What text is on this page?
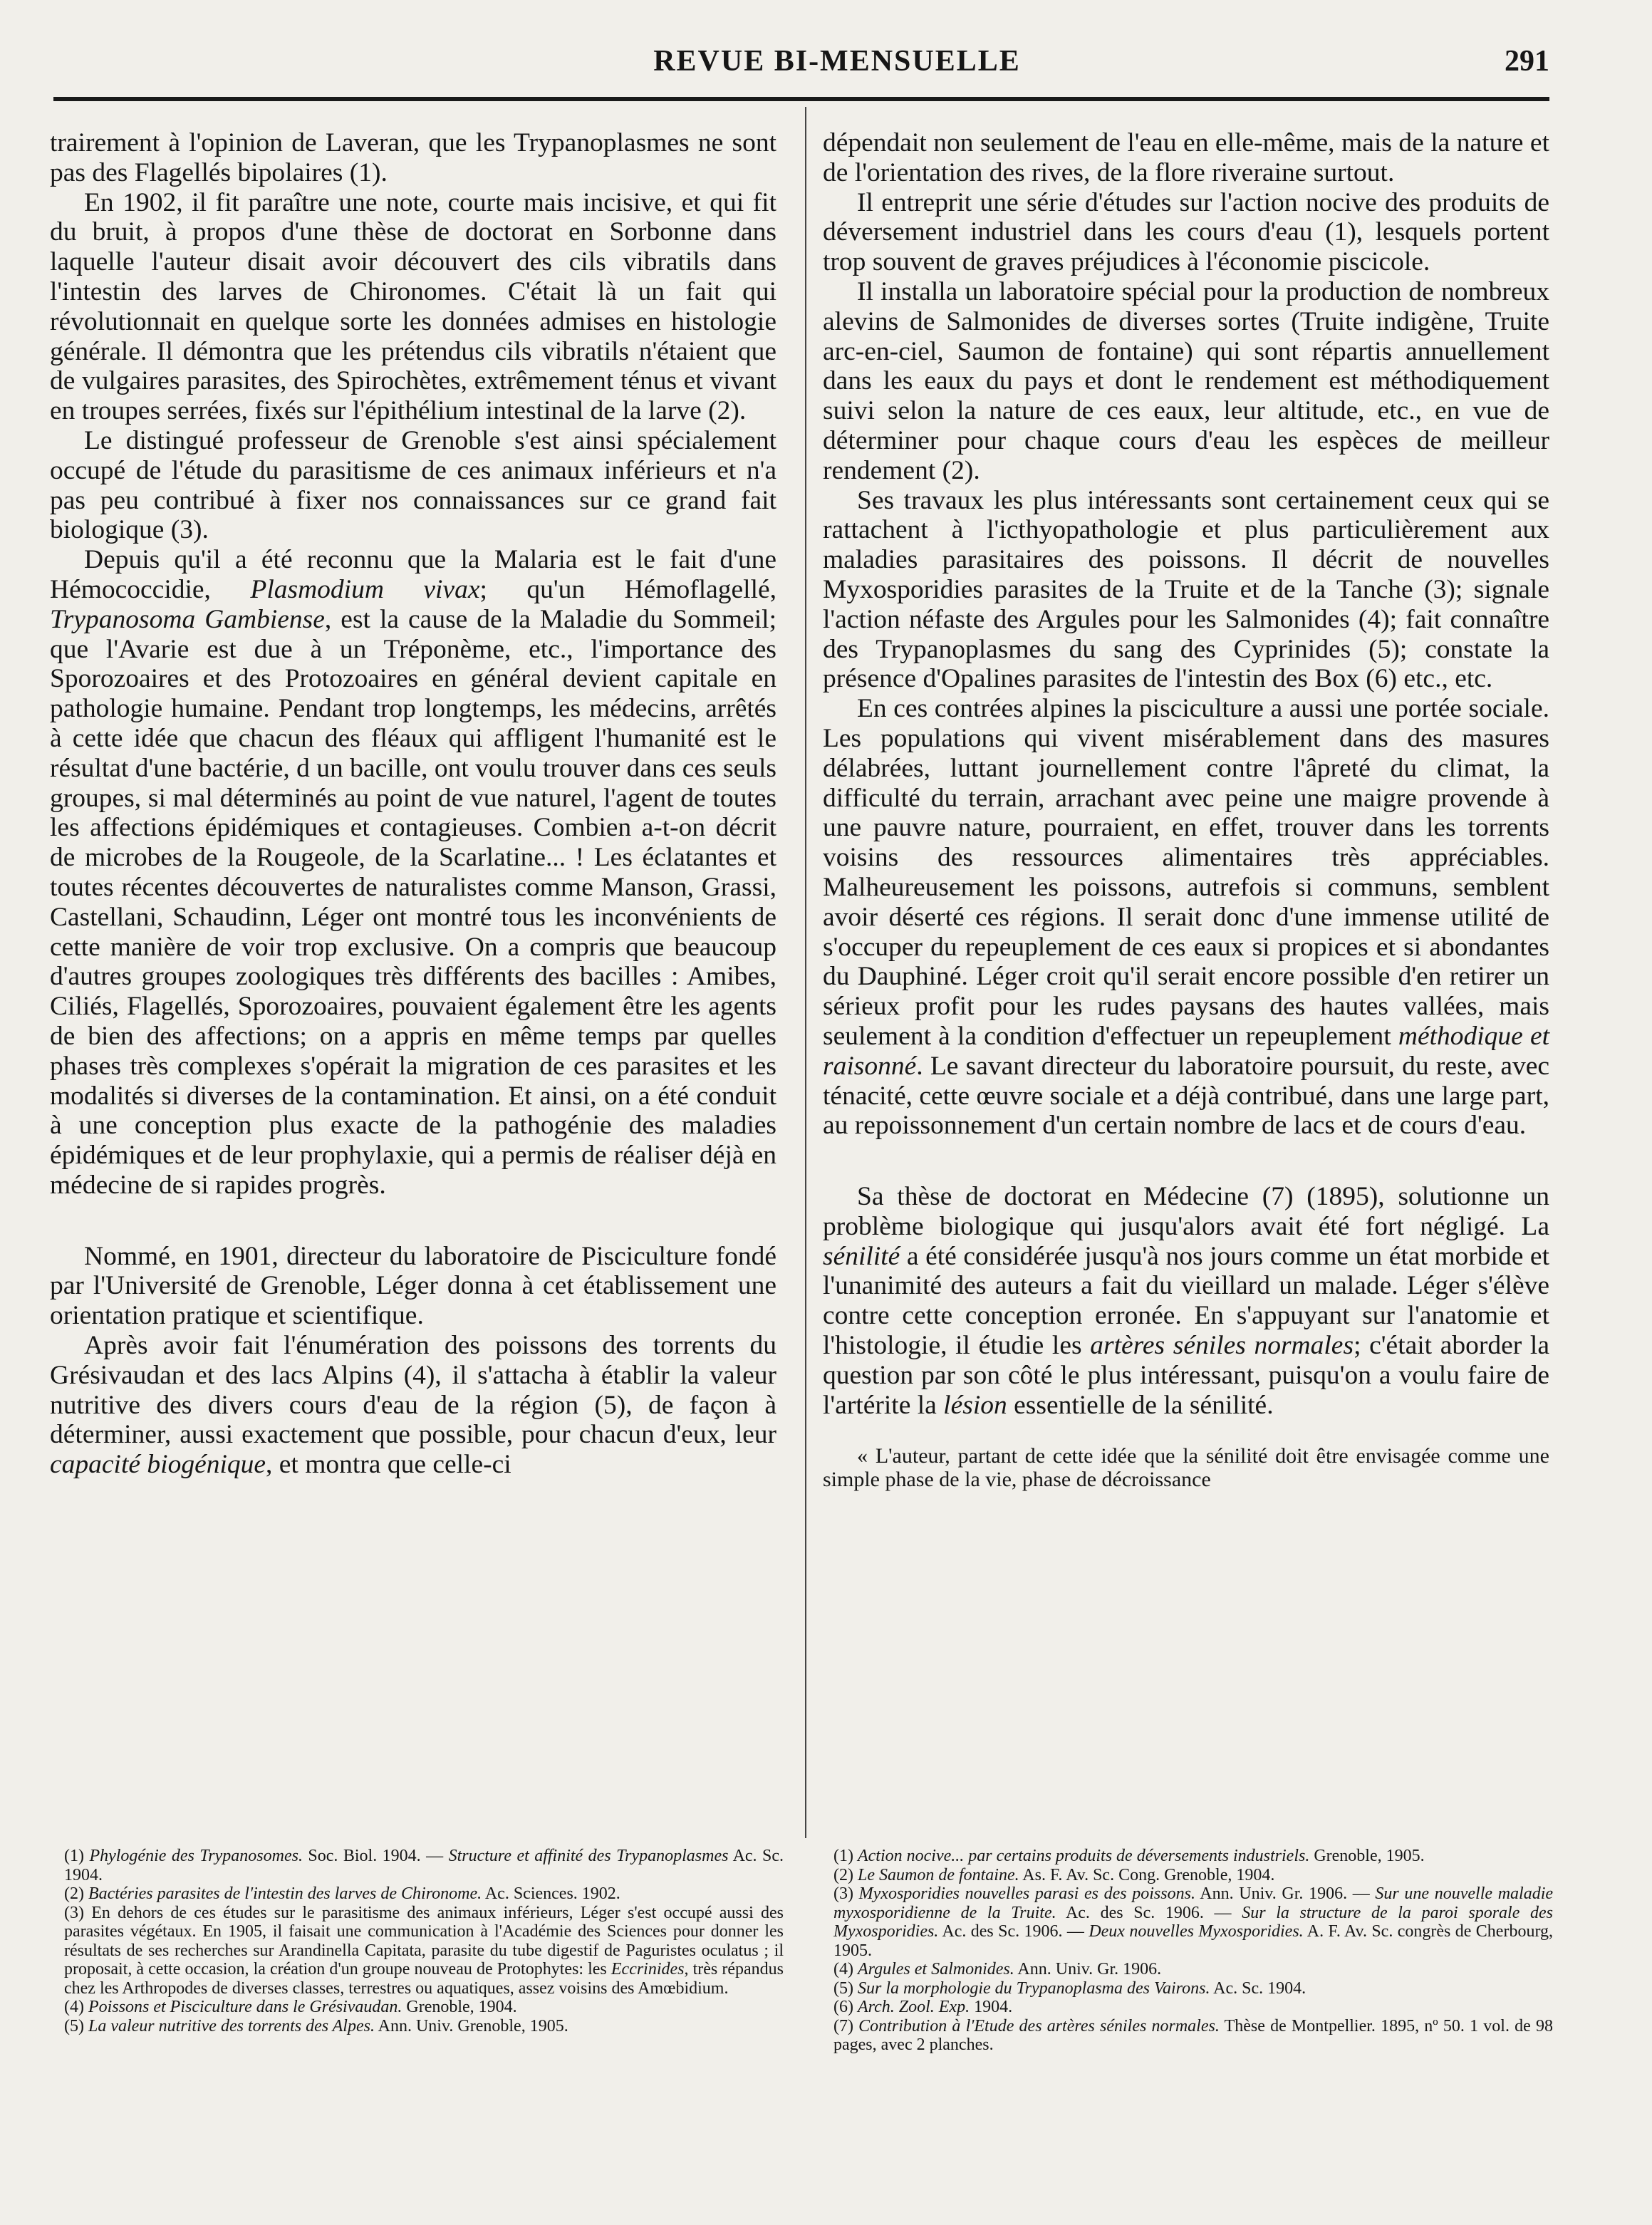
REVUE BI-MENSUELLE	291

trairement à l'opinion de Laveran, que les Trypanoplasmes ne sont pas des Flagellés bipolaires (1).

En 1902, il fit paraître une note, courte mais incisive, et qui fit du bruit, à propos d'une thèse de doctorat en Sorbonne dans laquelle l'auteur disait avoir découvert des cils vibratils dans l'intestin des larves de Chironomes. C'était là un fait qui révolutionnait en quelque sorte les données admises en histologie générale. Il démontra que les prétendus cils vibratils n'étaient que de vulgaires parasites, des Spirochètes, extrêmement ténus et vivant en troupes serrées, fixés sur l'épithélium intestinal de la larve (2).

Le distingué professeur de Grenoble s'est ainsi spécialement occupé de l'étude du parasitisme de ces animaux inférieurs et n'a pas peu contribué à fixer nos connaissances sur ce grand fait biologique (3).

Depuis qu'il a été reconnu que la Malaria est le fait d'une Hémococcidie, Plasmodium vivax; qu'un Hémoflagellé, Trypanosoma Gambiense, est la cause de la Maladie du Sommeil; que l'Avarie est due à un Tréponème, etc., l'importance des Sporozoaires et des Protozoaires en général devient capitale en pathologie humaine. Pendant trop longtemps, les médecins, arrêtés à cette idée que chacun des fléaux qui affligent l'humanité est le résultat d'une bactérie, d un bacille, ont voulu trouver dans ces seuls groupes, si mal déterminés au point de vue naturel, l'agent de toutes les affections épidémiques et contagieuses. Combien a-t-on décrit de microbes de la Rougeole, de la Scarlatine... ! Les éclatantes et toutes récentes découvertes de naturalistes comme Manson, Grassi, Castellani, Schaudinn, Léger ont montré tous les inconvénients de cette manière de voir trop exclusive. On a compris que beaucoup d'autres groupes zoologiques très différents des bacilles : Amibes, Ciliés, Flagellés, Sporozoaires, pouvaient également être les agents de bien des affections; on a appris en même temps par quelles phases très complexes s'opérait la migration de ces parasites et les modalités si diverses de la contamination. Et ainsi, on a été conduit à une conception plus exacte de la pathogénie des maladies épidémiques et de leur prophylaxie, qui a permis de réaliser déjà en médecine de si rapides progrès.

Nommé, en 1901, directeur du laboratoire de Pisciculture fondé par l'Université de Grenoble, Léger donna à cet établissement une orientation pratique et scientifique.

Après avoir fait l'énumération des poissons des torrents du Grésivaudan et des lacs Alpins (4), il s'attacha à établir la valeur nutritive des divers cours d'eau de la région (5), de façon à déterminer, aussi exactement que possible, pour chacun d'eux, leur capacité biogénique, et montra que celle-ci

dépendait non seulement de l'eau en elle-même, mais de la nature et de l'orientation des rives, de la flore riveraine surtout.

Il entreprit une série d'études sur l'action nocive des produits de déversement industriel dans les cours d'eau (1), lesquels portent trop souvent de graves préjudices à l'économie piscicole.

Il installa un laboratoire spécial pour la production de nombreux alevins de Salmonides de diverses sortes (Truite indigène, Truite arc-en-ciel, Saumon de fontaine) qui sont répartis annuellement dans les eaux du pays et dont le rendement est méthodiquement suivi selon la nature de ces eaux, leur altitude, etc., en vue de déterminer pour chaque cours d'eau les espèces de meilleur rendement (2).

Ses travaux les plus intéressants sont certainement ceux qui se rattachent à l'icthyopathologie et plus particulièrement aux maladies parasitaires des poissons. Il décrit de nouvelles Myxosporidies parasites de la Truite et de la Tanche (3); signale l'action néfaste des Argules pour les Salmonides (4); fait connaître des Trypanoplasmes du sang des Cyprinides (5); constate la présence d'Opalines parasites de l'intestin des Box (6) etc., etc.

En ces contrées alpines la pisciculture a aussi une portée sociale. Les populations qui vivent misérablement dans des masures délabrées, luttant journellement contre l'âpreté du climat, la difficulté du terrain, arrachant avec peine une maigre provende à une pauvre nature, pourraient, en effet, trouver dans les torrents voisins des ressources alimentaires très appréciables. Malheureusement les poissons, autrefois si communs, semblent avoir déserté ces régions. Il serait donc d'une immense utilité de s'occuper du repeuplement de ces eaux si propices et si abondantes du Dauphiné. Léger croit qu'il serait encore possible d'en retirer un sérieux profit pour les rudes paysans des hautes vallées, mais seulement à la condition d'effectuer un repeuplement méthodique et raisonné. Le savant directeur du laboratoire poursuit, du reste, avec ténacité, cette œuvre sociale et a déjà contribué, dans une large part, au repoissonnement d'un certain nombre de lacs et de cours d'eau.

Sa thèse de doctorat en Médecine (7) (1895), solutionne un problème biologique qui jusqu'alors avait été fort négligé. La sénilité a été considérée jusqu'à nos jours comme un état morbide et l'unanimité des auteurs a fait du vieillard un malade. Léger s'élève contre cette conception erronée. En s'appuyant sur l'anatomie et l'histologie, il étudie les artères séniles normales; c'était aborder la question par son côté le plus intéressant, puisqu'on a voulu faire de l'artérite la lésion essentielle de la sénilité.

« L'auteur, partant de cette idée que la sénilité doit être envisagée comme une simple phase de la vie, phase de décroissance

(1) Phylogénie des Trypanosomes. Soc. Biol. 1904. — Structure et affinité des Trypanoplasmes Ac. Sc. 1904.
(2) Bactéries parasites de l'intestin des larves de Chironome. Ac. Sciences. 1902.
(3) En dehors de ces études sur le parasitisme des animaux inférieurs, Léger s'est occupé aussi des parasites végétaux. En 1905, il faisait une communication à l'Académie des Sciences pour donner les résultats de ses recherches sur Arandinella Capitata, parasite du tube digestif de Paguristes oculatus ; il proposait, à cette occasion, la création d'un groupe nouveau de Protophytes: les Eccrinides, très répandus chez les Arthropodes de diverses classes, terrestres ou aquatiques, assez voisins des Amœbidium.
(4) Poissons et Pisciculture dans le Grésivaudan. Grenoble, 1904.
(5) La valeur nutritive des torrents des Alpes. Ann. Univ. Grenoble, 1905.
(1) Action nocive... par certains produits de déversements industriels. Grenoble, 1905.
(2) Le Saumon de fontaine. As. F. Av. Sc. Cong. Grenoble, 1904.
(3) Myxosporidies nouvelles parasi es des poissons. Ann. Univ. Gr. 1906. — Sur une nouvelle maladie myxosporidienne de la Truite. Ac. des Sc. 1906. — Sur la structure de la paroi sporale des Myxosporidies. Ac. des Sc. 1906. — Deux nouvelles Myxosporidies. A. F. Av. Sc. congrès de Cherbourg, 1905.
(4) Argules et Salmonides. Ann. Univ. Gr. 1906.
(5) Sur la morphologie du Trypanoplasma des Vairons. Ac. Sc. 1904.
(6) Arch. Zool. Exp. 1904.
(7) Contribution à l'Etude des artères séniles normales. Thèse de Montpellier. 1895, nº 50. 1 vol. de 98 pages, avec 2 planches.
